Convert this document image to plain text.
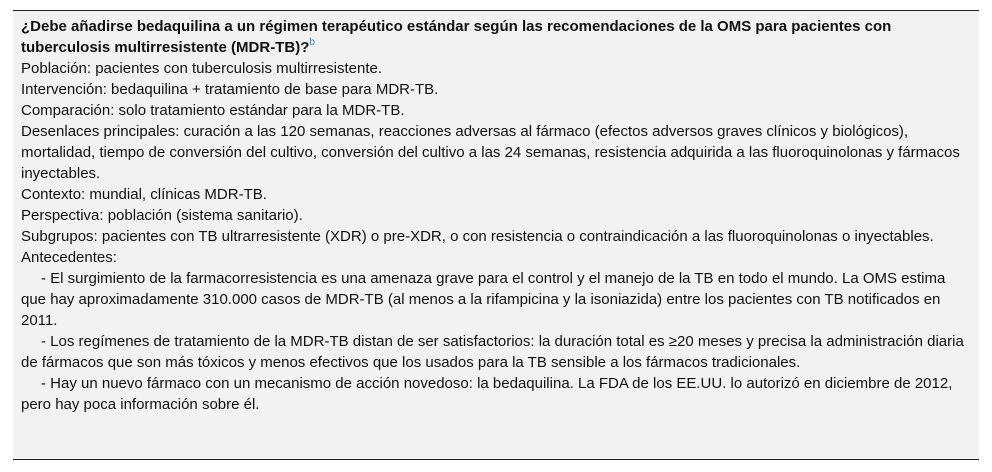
¿Debe añadirse bedaquilina a un régimen terapéutico estándar según las recomendaciones de la OMS para pacientes con tuberculosis multirresistente (MDR-TB)?$^b$

Población: pacientes con tuberculosis multirresistente.

Intervención: bedaquilina + tratamiento de base para MDR-TB.

Comparación: solo tratamiento estándar para la MDR-TB.

Desenlaces principales: curación a las 120 semanas, reacciones adversas al fármaco (efectos adversos graves clínicos y biológicos), mortalidad, tiempo de conversión del cultivo, conversión del cultivo a las 24 semanas, resistencia adquirida a las fluoroquinolonas y fármacos inyectables.

Contexto: mundial, clínicas MDR-TB.

Perspectiva: población (sistema sanitario).

Subgrupos: pacientes con TB ultrarresistente (XDR) o pre-XDR, o con resistencia o contraindicación a las fluoroquinolonas o inyectables.

Antecedentes:

- El surgimiento de la farmacorresistencia es una amenaza grave para el control y el manejo de la TB en todo el mundo. La OMS estima que hay aproximadamente 310.000 casos de MDR-TB (al menos a la rifampicina y la isoniazida) entre los pacientes con TB notificados en 2011.

- Los regímenes de tratamiento de la MDR-TB distan de ser satisfactorios: la duración total es ≥20 meses y precisa la administración diaria de fármacos que son más tóxicos y menos efectivos que los usados para la TB sensible a los fármacos tradicionales.

- Hay un nuevo fármaco con un mecanismo de acción novedoso: la bedaquilina. La FDA de los EE.UU. lo autorizó en diciembre de 2012, pero hay poca información sobre él.
